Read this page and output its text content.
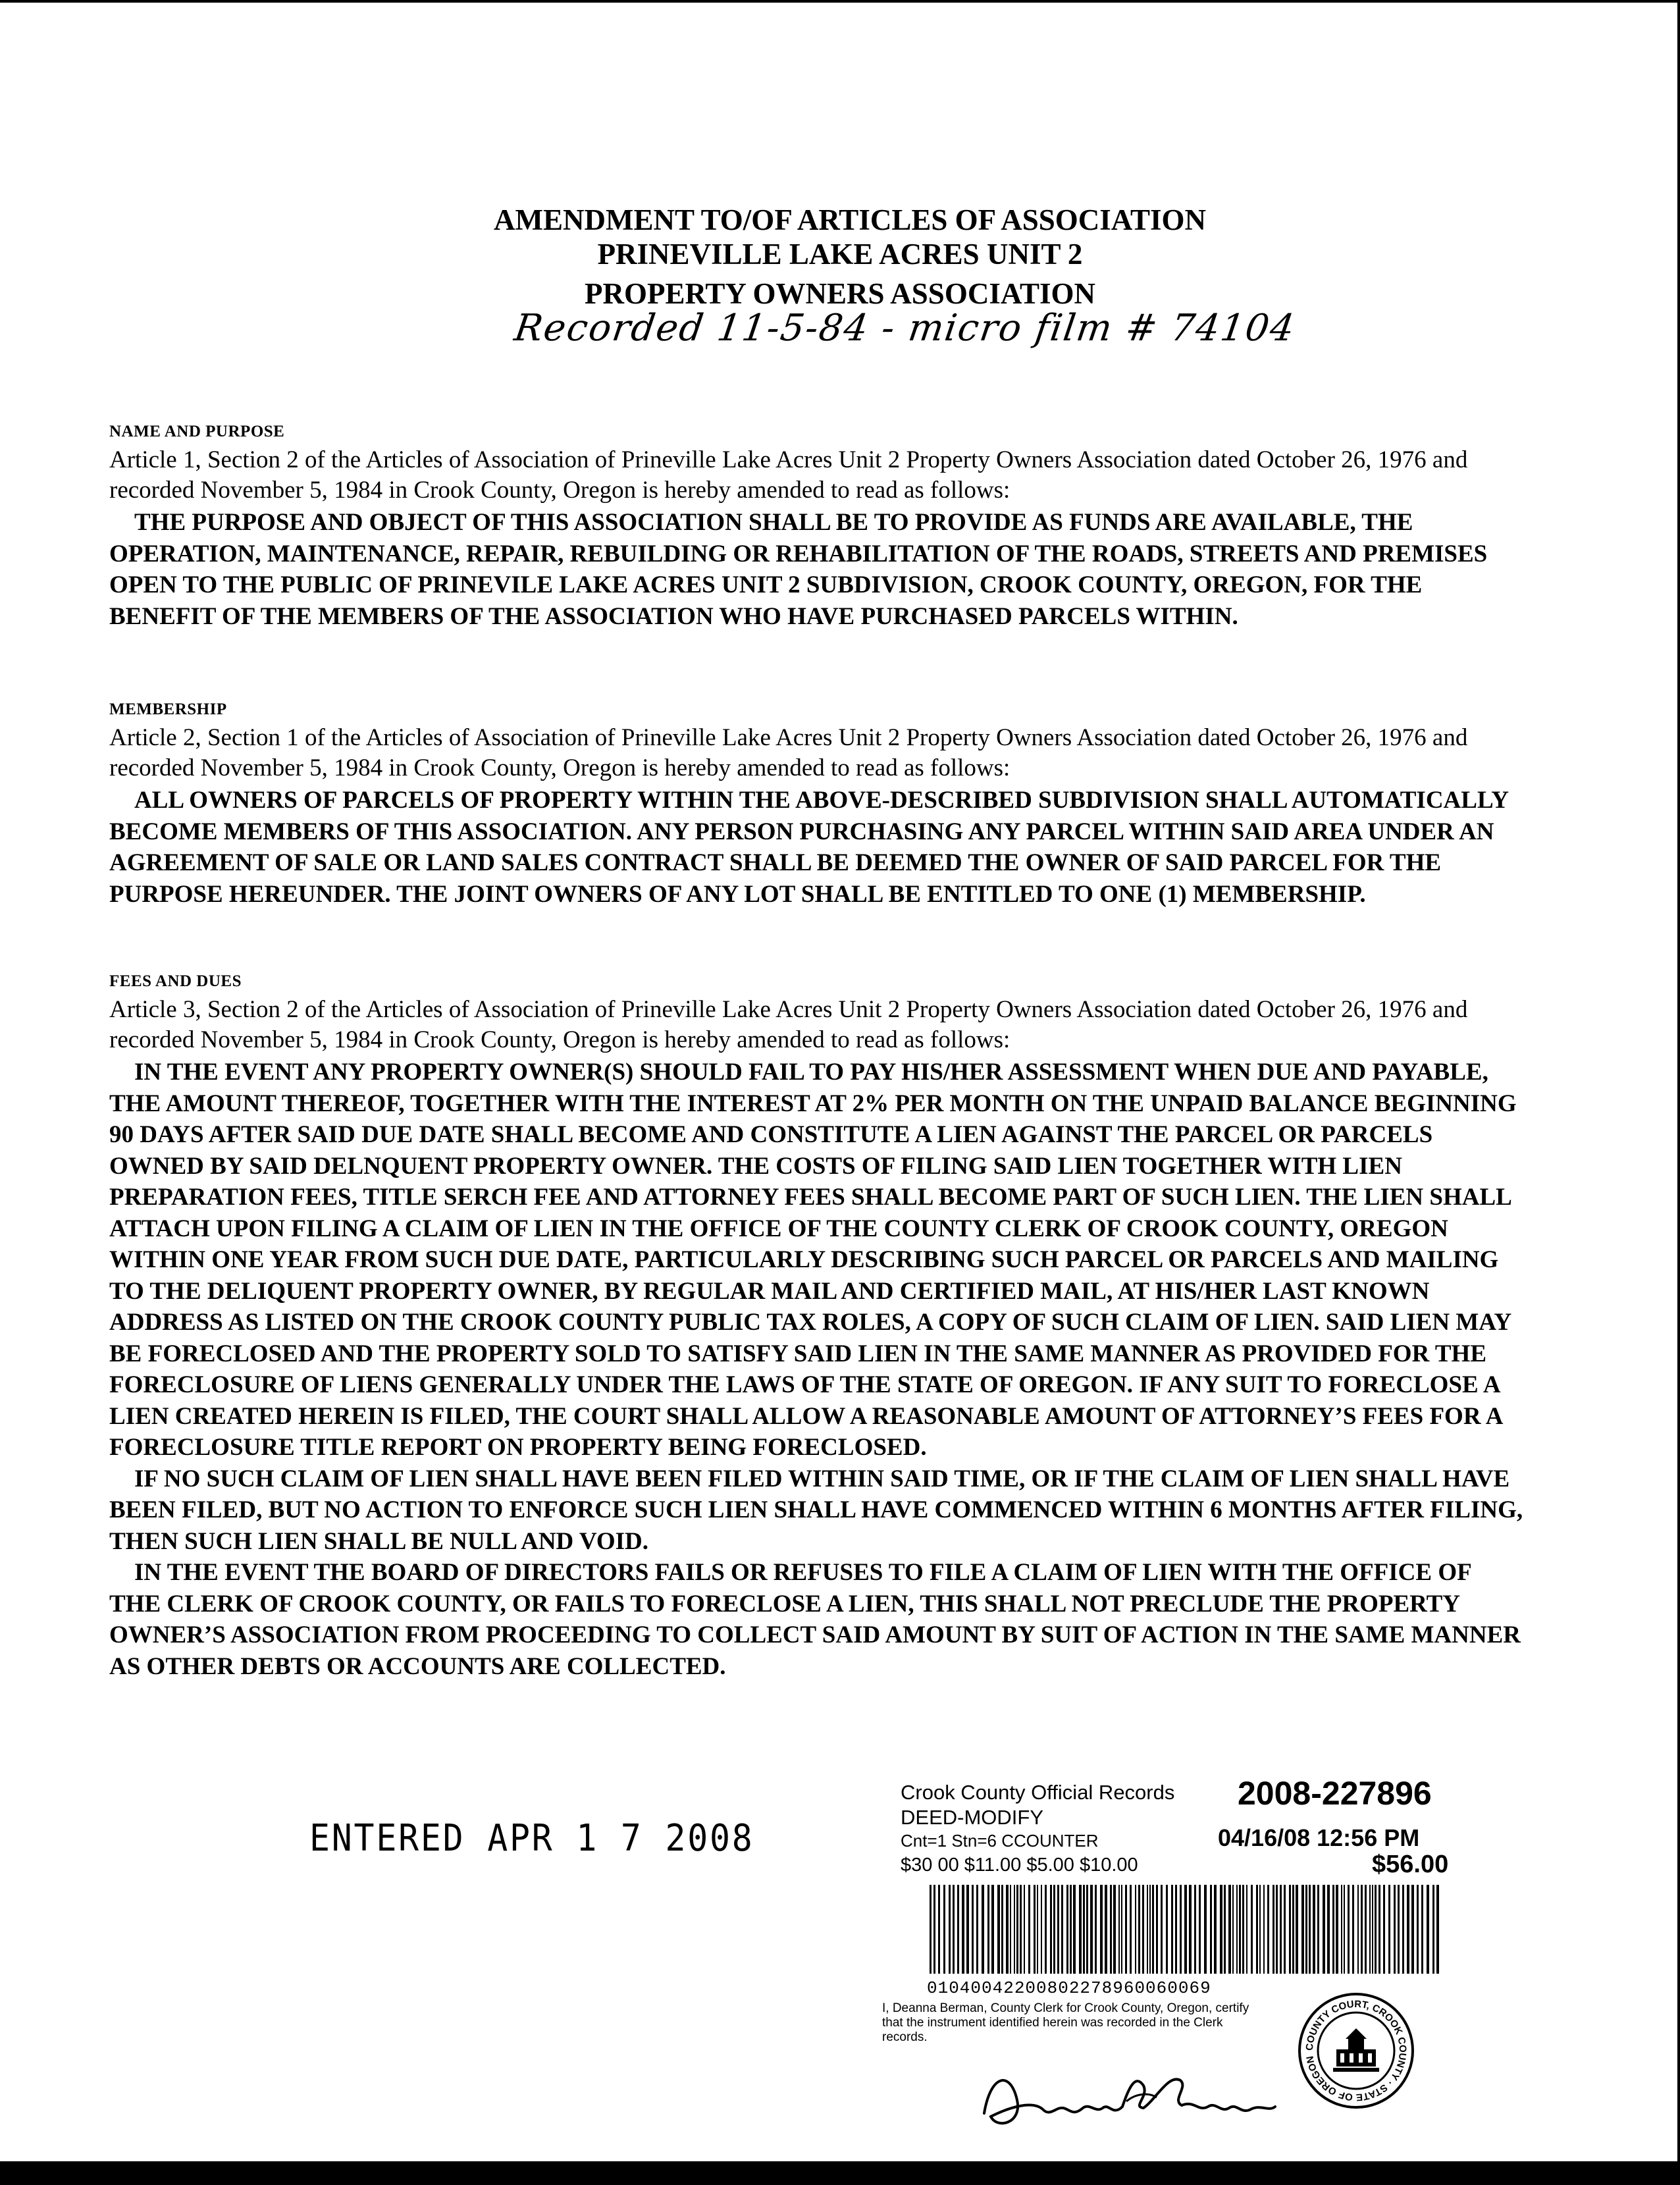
AMENDMENT TO/OF ARTICLES OF ASSOCIATION
PRINEVILLE LAKE ACRES UNIT 2
PROPERTY OWNERS ASSOCIATION
Recorded 11-5-84 - micro film # 74104
NAME AND PURPOSE
Article 1, Section 2 of the Articles of Association of Prineville Lake Acres Unit 2 Property Owners Association dated October 26, 1976 and recorded November 5, 1984 in Crook County, Oregon is hereby amended to read as follows:

THE PURPOSE AND OBJECT OF THIS ASSOCIATION SHALL BE TO PROVIDE AS FUNDS ARE AVAILABLE, THE OPERATION, MAINTENANCE, REPAIR, REBUILDING OR REHABILITATION OF THE ROADS, STREETS AND PREMISES OPEN TO THE PUBLIC OF PRINEVILE LAKE ACRES UNIT 2 SUBDIVISION, CROOK COUNTY, OREGON, FOR THE BENEFIT OF THE MEMBERS OF THE ASSOCIATION WHO HAVE PURCHASED PARCELS WITHIN.

MEMBERSHIP
Article 2, Section 1 of the Articles of Association of Prineville Lake Acres Unit 2 Property Owners Association dated October 26, 1976 and recorded November 5, 1984 in Crook County, Oregon is hereby amended to read as follows:

ALL OWNERS OF PARCELS OF PROPERTY WITHIN THE ABOVE-DESCRIBED SUBDIVISION SHALL AUTOMATICALLY BECOME MEMBERS OF THIS ASSOCIATION. ANY PERSON PURCHASING ANY PARCEL WITHIN SAID AREA UNDER AN AGREEMENT OF SALE OR LAND SALES CONTRACT SHALL BE DEEMED THE OWNER OF SAID PARCEL FOR THE PURPOSE HEREUNDER. THE JOINT OWNERS OF ANY LOT SHALL BE ENTITLED TO ONE (1) MEMBERSHIP.

FEES AND DUES
Article 3, Section 2 of the Articles of Association of Prineville Lake Acres Unit 2 Property Owners Association dated October 26, 1976 and recorded November 5, 1984 in Crook County, Oregon is hereby amended to read as follows:

IN THE EVENT ANY PROPERTY OWNER(S) SHOULD FAIL TO PAY HIS/HER ASSESSMENT WHEN DUE AND PAYABLE, THE AMOUNT THEREOF, TOGETHER WITH THE INTEREST AT 2% PER MONTH ON THE UNPAID BALANCE BEGINNING 90 DAYS AFTER SAID DUE DATE SHALL BECOME AND CONSTITUTE A LIEN AGAINST THE PARCEL OR PARCELS OWNED BY SAID DELNQUENT PROPERTY OWNER. THE COSTS OF FILING SAID LIEN TOGETHER WITH LIEN PREPARATION FEES, TITLE SERCH FEE AND ATTORNEY FEES SHALL BECOME PART OF SUCH LIEN. THE LIEN SHALL ATTACH UPON FILING A CLAIM OF LIEN IN THE OFFICE OF THE COUNTY CLERK OF CROOK COUNTY, OREGON WITHIN ONE YEAR FROM SUCH DUE DATE, PARTICULARLY DESCRIBING SUCH PARCEL OR PARCELS AND MAILING TO THE DELIQUENT PROPERTY OWNER, BY REGULAR MAIL AND CERTIFIED MAIL, AT HIS/HER LAST KNOWN ADDRESS AS LISTED ON THE CROOK COUNTY PUBLIC TAX ROLES, A COPY OF SUCH CLAIM OF LIEN. SAID LIEN MAY BE FORECLOSED AND THE PROPERTY SOLD TO SATISFY SAID LIEN IN THE SAME MANNER AS PROVIDED FOR THE FORECLOSURE OF LIENS GENERALLY UNDER THE LAWS OF THE STATE OF OREGON. IF ANY SUIT TO FORECLOSE A LIEN CREATED HEREIN IS FILED, THE COURT SHALL ALLOW A REASONABLE AMOUNT OF ATTORNEY’S FEES FOR A FORECLOSURE TITLE REPORT ON PROPERTY BEING FORECLOSED.

IF NO SUCH CLAIM OF LIEN SHALL HAVE BEEN FILED WITHIN SAID TIME, OR IF THE CLAIM OF LIEN SHALL HAVE BEEN FILED, BUT NO ACTION TO ENFORCE SUCH LIEN SHALL HAVE COMMENCED WITHIN 6 MONTHS AFTER FILING, THEN SUCH LIEN SHALL BE NULL AND VOID.

IN THE EVENT THE BOARD OF DIRECTORS FAILS OR REFUSES TO FILE A CLAIM OF LIEN WITH THE OFFICE OF THE CLERK OF CROOK COUNTY, OR FAILS TO FORECLOSE A LIEN, THIS SHALL NOT PRECLUDE THE PROPERTY OWNER’S ASSOCIATION FROM PROCEEDING TO COLLECT SAID AMOUNT BY SUIT OF ACTION IN THE SAME MANNER AS OTHER DEBTS OR ACCOUNTS ARE COLLECTED.

ENTERED APR 1 7 2008
Crook County Official Records 2008-227896
DEED-MODIFY
Cnt=1 Stn=6 CCOUNTER	04/16/08 12:56 PM
$30 00 $11.00 $5.00 $10.00	$56.00
01040042200802278960060069
I, Deanna Berman, County Clerk for Crook County, Oregon, certify that the instrument identified herein was recorded in the Clerk records.
COUNTY COURT, CROOK COUNTY · STATE OF OREGON
